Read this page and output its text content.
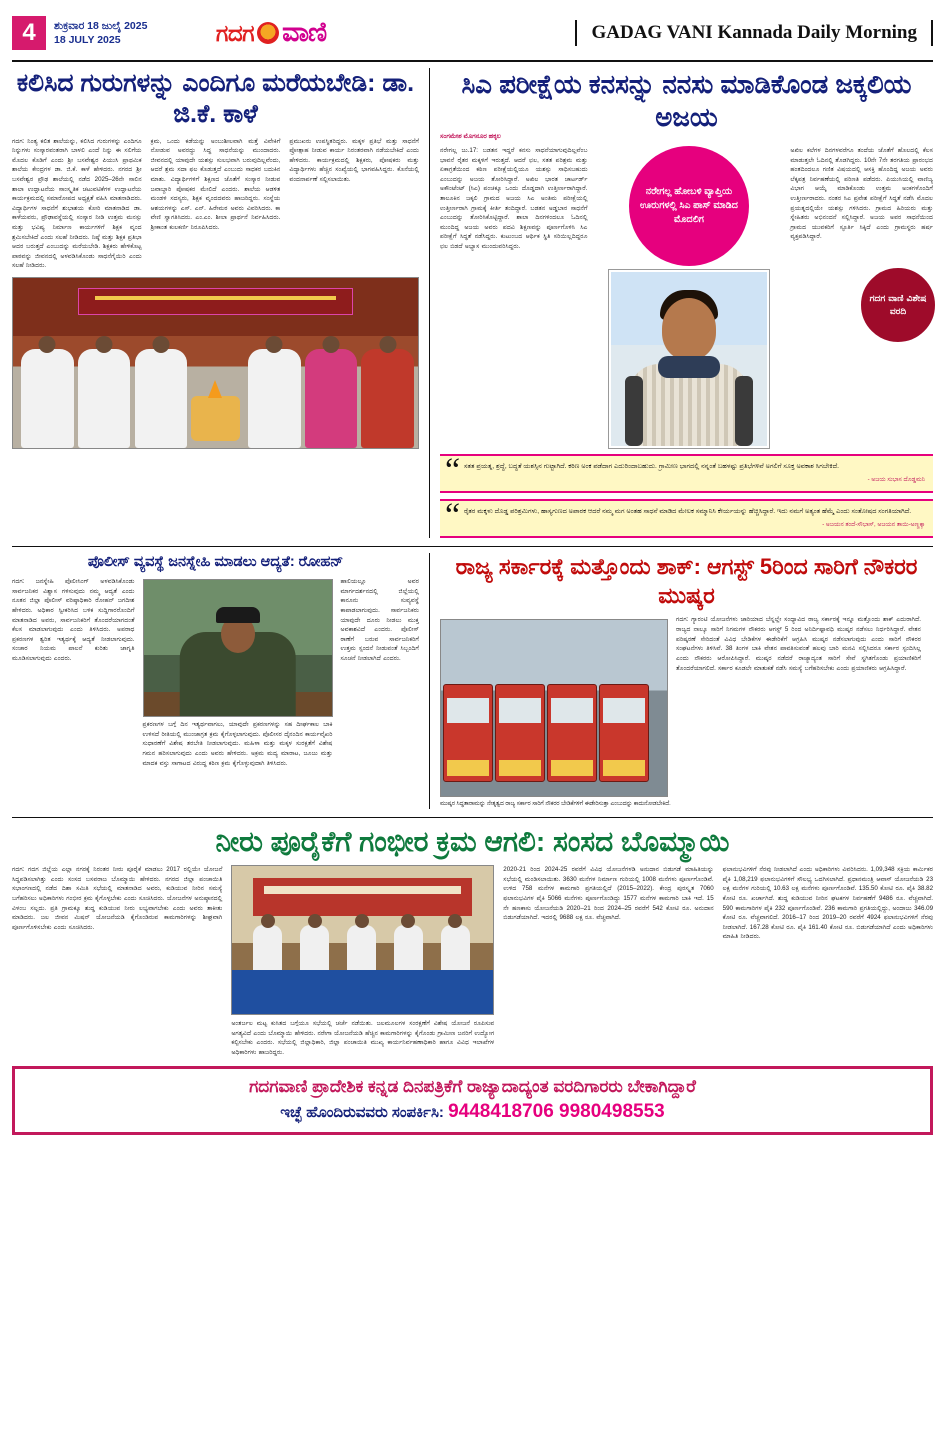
4	ಶುಕ್ರವಾರ 18 ಜುಲೈ 2025
18 JULY 2025	ಗದಗ ವಾಣಿ	GADAG VANI Kannada Daily Morning
ಕಲಿಸಿದ ಗುರುಗಳನ್ನು ಎಂದಿಗೂ ಮರೆಯಬೇಡಿ: ಡಾ. ಜಿ.ಕೆ. ಕಾಳೆ
ಗದಗ: ನಿಂತ್ಯ ಕಲಿತ ಶಾಲೆಯನ್ನು, ಕಲಿಸಿದ ಗುರುಗಳನ್ನು ಎಂದಿಗೂ ನಿನ್ನುಗಳು ಸಂಸ್ಕಾರವಂತರಾಗಿ ಬಾಳಲಿ ಎಂದೆ ನಿನ್ನು ಈ ಸಲಿಗೆಯ ಮೊದಲ ಕೊಡಿಗೆ ಎಂದು ಶ್ರೀ ಬಸವೇಶ್ವರ ಪಿಯುಸಿ ಪ್ರಾಥಮಿಕ ಶಾಲೆಯ ಕೇಂದ್ರಗಳ ಡಾ. ಜಿ.ಕೆ. ಕಾಳೆ ಹೇಳಿದರು. ನಗರದ ಶ್ರೀ ಬಸವೇಶ್ವರ ಪ್ರೌಢ ಶಾಲೆಯಲ್ಲಿ ನಡೆದ 2025–26ನೇ ಸಾಲಿನ ಶಾಲಾ ಉದ್ಘಾಟನೆಯ ಸಾಂಸ್ಕೃತಿಕ ಚಟುವಟಿಕೆಗಳ ಉದ್ಘಾಟನೆಯ ಕಾರ್ಯಕ್ರಮದಲ್ಲಿ ಸಮಾರೋಪದ ಅಧ್ಯಕ್ಷತೆ ವಹಿಸಿ ಮಾತನಾಡಿದರು. ವಿದ್ಯಾರ್ಥಿಗಳ ಸಾಧನೆಗೆ ಶುಭಾಶಯ ಕೋರಿ ಮಾತನಾಡಿದ ಡಾ. ಕಾಳೆಯವರು, ಪ್ರೌಢಾವಸ್ಥೆಯಲ್ಲಿ ಸಂಸ್ಕಾರ ನೀಡಿ ಉತ್ತಮ ಮನಸ್ಸು ಮತ್ತು ಭವಿಷ್ಯ ನಿರ್ಮಾಣ ಕಾರ್ಯಗಳಿಗೆ ಶಿಕ್ಷಕ ವೃಂದ ಶ್ರಮಿಸಬೇಕಿದೆ ಎಂದು ಸಲಹೆ ನೀಡಿದರು. ನಿಷ್ಠೆ ಮತ್ತು ಶಿಕ್ಷಕ ಪ್ರತಿಭಾ ಆದರ ಬರುತ್ತದೆ ಎಂಬುದನ್ನು ಮರೆಯಬೇಡಿ. ಶಿಕ್ಷಕರು ಹೇಳಿಕೊಟ್ಟ ಪಾಠವನ್ನು ಜೀವನದಲ್ಲಿ ಅಳವಡಿಸಿಕೊಂಡು ಸಾಧನೆಗೈಯಿರಿ ಎಂದು ಸಲಹೆ ನೀಡಿದರು.
ಕ್ರಮ, ಒಂದು ಕಡೆಯನ್ನು ಅಂಬುಶೀಲವಾಗಿ ಮತ್ತೆ ವಿವೇಕಿಗೆ ನೋಡುವ ಅವರದ್ದು ಸಿದ್ಧ ಸಾಧನೆಯನ್ನು ಮುಂದಾದರು. ಜೀವನದಲ್ಲಿ ಯಾವುದೇ ಯಶಸ್ಸು ಸುಲಭವಾಗಿ ಬರುವುದಿಲ್ಲವೆಂದು, ಆದರೆ ಶ್ರಮ ಸದಾ ಫಲ ಕೊಡುತ್ತದೆ ಎಂಬುದು ಸಾಧಕರ ಬದುಕಿನ ಮಾತು. ವಿದ್ಯಾರ್ಥಿಗಳಿಗೆ ಶಿಕ್ಷಣದ ಜೊತೆಗೆ ಸಂಸ್ಕಾರ ನೀಡುವ ಜವಾಬ್ದಾರಿ ಪೋಷಕರ ಮೇಲಿದೆ ಎಂದರು. ಶಾಲೆಯ ಆಡಳಿತ ಮಂಡಳಿ ಸದಸ್ಯರು, ಶಿಕ್ಷಕ ವೃಂದದವರು ಹಾಜರಿದ್ದರು. ಸಂಸ್ಥೆಯ ಆಶಯಗಳನ್ನು ಎಸ್. ಎನ್. ಹಿರೇಮಠ ಅವರು ವಿವರಿಸಿದರು. ಕಾ ವೇಣಿ ಸ್ವಾಗತಿಸಿದರು. ಎಂ.ಎಂ. ಶೀಲಾ ಪ್ರಾರ್ಥನೆ ನಿರ್ವಹಿಸಿದರು. ಶ್ರೀಕಾಂತ ಕುಲಕರ್ಣಿ ನಿರೂಪಿಸಿದರು.
ಪ್ರಮುಖರು ಉಪಸ್ಥಿತರಿದ್ದರು. ಮಕ್ಕಳ ಪ್ರತಿಭೆ ಮತ್ತು ಸಾಧನೆಗೆ ಪ್ರೋತ್ಸಾಹ ನೀಡುವ ಕಾರ್ಯ ನಿರಂತರವಾಗಿ ನಡೆಯಬೇಕಿದೆ ಎಂದು ಹೇಳಿದರು. ಕಾರ್ಯಕ್ರಮದಲ್ಲಿ ಶಿಕ್ಷಕರು, ಪೋಷಕರು ಮತ್ತು ವಿದ್ಯಾರ್ಥಿಗಳು ಹೆಚ್ಚಿನ ಸಂಖ್ಯೆಯಲ್ಲಿ ಭಾಗವಹಿಸಿದ್ದರು. ಕೊನೆಯಲ್ಲಿ ವಂದನಾರ್ಪಣೆ ಸಲ್ಲಿಸಲಾಯಿತು.
ಸಿಎ ಪರೀಕ್ಷೆಯ ಕನಸನ್ನು ನನಸು ಮಾಡಿಕೊಂಡ ಜಕ್ಕಲಿಯ ಅಜಯ
ಸಂಗಮೇಶ ಮೊಗನೂರ ಹಕ್ಕಲ
ನರೇಗಲ್ಲ ಜು.17: ಬಡತನ ಇದ್ದರೆ ಕನಸು ಸಾಧನೆಯಾಗುವುದಿಲ್ಲವೆಂಬ ಭಾವನೆ ರೈತರ ಮಕ್ಕಳಿಗೆ ಇರುತ್ತದೆ. ಆದರೆ ಛಲ, ಸತತ ಪರಿಶ್ರಮ ಮತ್ತು ಏಕಾಗ್ರತೆಯಿಂದ ಕಠಿಣ ಪರೀಕ್ಷೆಯಲ್ಲಿಯೂ ಯಶಸ್ಸು ಸಾಧಿಸಬಹುದು ಎಂಬುದನ್ನು ಅಜಯ ತೋರಿಸಿದ್ದಾರೆ. ಅಖಿಲ ಭಾರತ ಚಾರ್ಟರ್ಡ್ ಅಕೌಂಟೆಂಟ್ (ಸಿಎ) ಪಂಚಕ್ಕೂ ಒಂದು ದೊಡ್ಡದಾಗಿ ಉತ್ತೀರ್ಣರಾಗಿದ್ದಾರೆ. ತಾಲೂಕಿನ ಜಕ್ಕಲಿ ಗ್ರಾಮದ ಅಜಯ ಸಿಎ ಅಂತಿಮ ಪರೀಕ್ಷೆಯಲ್ಲಿ ಉತ್ತೀರ್ಣರಾಗಿ ಗ್ರಾಮಕ್ಕೆ ಕೀರ್ತಿ ತಂದಿದ್ದಾರೆ. ಬಡತನ ಅಡ್ಡಬಾರ ಸಾಧನೆಗೆ ಎಂಬುದನ್ನು ತೋರಿಸಿಕೊಟ್ಟಿದ್ದಾರೆ. ಶಾಲಾ ದಿನಗಳಿಂದಲೂ ಓದಿನಲ್ಲಿ ಮುಂದಿದ್ದ ಅಜಯ ಅವರು ಪದವಿ ಶಿಕ್ಷಣವನ್ನು ಪೂರ್ಣಗೊಳಿಸಿ ಸಿಎ ಪರೀಕ್ಷೆಗೆ ಸಿದ್ಧತೆ ನಡೆಸಿದ್ದರು. ಕುಟುಂಬದ ಆರ್ಥಿಕ ಸ್ಥಿತಿ ಸರಿಯಿಲ್ಲದಿದ್ದರೂ ಛಲ ಬಿಡದೆ ಅಭ್ಯಾಸ ಮುಂದುವರಿಸಿದ್ದರು.
ನರೇಗಲ್ಲ ಹೋಬಳಿ ವ್ಯಾಪ್ತಿಯ ಊರುಗಳಲ್ಲಿ ಸಿಎ ಪಾಸ್ ಮಾಡಿದ ಮೊದಲಿಗ
ಗದಗ ವಾಣಿ ವಿಶೇಷ ವರದಿ
ಅಖಿಲ ಕಲೆಗಳ ದಿನಗಳವರೆಗೂ ತಂದೆಯ ಜೊತೆಗೆ ಹೊಲದಲ್ಲಿ ಕೆಲಸ ಮಾಡುತ್ತಲೇ ಓದಿನಲ್ಲಿ ತೊಡಗಿದ್ದರು. 10ನೇ 7ನೇ ತರಗತಿಯ ಪ್ರಾರಂಭದ ಹಂತದಿಂದಲೂ ಗಣಿತ ವಿಷಯದಲ್ಲಿ ಆಸಕ್ತಿ ಹೊಂದಿದ್ದ ಅಜಯ ಅವರು ಲೆಕ್ಕಪತ್ರ ನಿರ್ವಹಣೆಯಲ್ಲಿ ಪರಿಣತಿ ಪಡೆದರು. ಪಿಯುಸಿಯಲ್ಲಿ ವಾಣಿಜ್ಯ ವಿಭಾಗ ಆಯ್ಕೆ ಮಾಡಿಕೊಂಡು ಉತ್ತಮ ಅಂಕಗಳೊಂದಿಗೆ ಉತ್ತೀರ್ಣರಾದರು. ನಂತರ ಸಿಎ ಪ್ರವೇಶ ಪರೀಕ್ಷೆಗೆ ಸಿದ್ಧತೆ ನಡೆಸಿ ಮೊದಲ ಪ್ರಯತ್ನದಲ್ಲಿಯೇ ಯಶಸ್ಸು ಗಳಿಸಿದರು. ಗ್ರಾಮದ ಹಿರಿಯರು ಮತ್ತು ಸ್ನೇಹಿತರು ಅಭಿನಂದನೆ ಸಲ್ಲಿಸಿದ್ದಾರೆ. ಅಜಯ ಅವರ ಸಾಧನೆಯಿಂದ ಗ್ರಾಮದ ಯುವಕರಿಗೆ ಸ್ಫೂರ್ತಿ ಸಿಕ್ಕಿದೆ ಎಂದು ಗ್ರಾಮಸ್ಥರು ಹರ್ಷ ವ್ಯಕ್ತಪಡಿಸಿದ್ದಾರೆ.
“ ಸತತ ಪ್ರಯತ್ನ, ಶ್ರದ್ಧೆ, ಬದ್ಧತೆ ಯಶಸ್ಸಿನ ಗುಟ್ಟಾಗಿದೆ. ಕಠಿಣ ಅಂಕ ಪಡೆದಾಗ ಎದುರಿಂದಾಬಹುದು. ಗ್ರಾಮೀಣ ಭಾಗದಲ್ಲಿ ನನ್ನಂತೆ ಬಹಳಷ್ಟು ಪ್ರತಿಭೆಗಳಿವೆ ಅಗಲಿಗೆ ಸೂಕ್ತ ಅವಕಾಶ ಸಿಗಬೇಕಿದೆ.
- ಅಜಯ ಸುಭಾಸ ದೊಡ್ಡಮನಿ
“ ರೈತರ ಮಕ್ಕಳು ದೊಡ್ಡ ಪರಿಶ್ರಮಿಗಳು, ಹಾಸ್ಯಗುಣದ ಅಪಾರಕ ಆದರೆ ನಮ್ಮ ಮಗ ಅಂತಹ ಸಾಧನೆ ಮಾಡಿದ ಮೇಲಕ ಸಮ್ಮಾನಿಸಿ ಕೇರ್ಯಯನ್ನು ಹೆಚ್ಚಿಸಿದ್ದಾರೆ. ಇದು ನಮಗೆ ಅತ್ಯಂತ ಹೆಮ್ಮೆ ಎಂದು ಸಂತೋಷದ ಸಂಗತಿಯಾಗಿದೆ.
- ಅಜಯನ ತಂದೆ-ಸೌಭಾಸ್, ಅಜಯನ ತಾಯಿ-ಅಣ್ಣಕ್ಕಾ
ಪೊಲೀಸ್ ವ್ಯವಸ್ಥೆ ಜನಸ್ನೇಹಿ ಮಾಡಲು ಆದ್ಯತೆ: ರೋಹನ್
ಗದಗ: ಜನಸ್ನೇಹಿ ಪೊಲೀಸಿಂಗ್ ಅಳವಡಿಸಿಕೊಂಡು ಸಾರ್ವಜನಿಕರ ವಿಶ್ವಾಸ ಗಳಿಸುವುದು ನಮ್ಮ ಆದ್ಯತೆ ಎಂದು ನೂತನ ಜಿಲ್ಲಾ ಪೊಲೀಸ್ ವರಿಷ್ಠಾಧಿಕಾರಿ ರೋಹನ್ ಜಗದೀಶ ಹೇಳಿದರು. ಅಧಿಕಾರ ಸ್ವೀಕರಿಸಿದ ಬಳಿಕ ಸುದ್ದಿಗಾರರೊಂದಿಗೆ ಮಾತನಾಡಿದ ಅವರು, ಸಾರ್ವಜನಿಕರಿಗೆ ತೊಂದರೆಯಾಗದಂತೆ ಕೆಲಸ ಮಾಡಲಾಗುವುದು ಎಂದು ತಿಳಿಸಿದರು. ಅಪರಾಧ ಪ್ರಕರಣಗಳ ತ್ವರಿತ ಇತ್ಯರ್ಥಕ್ಕೆ ಆದ್ಯತೆ ನೀಡಲಾಗುವುದು. ಸಂಚಾರ ನಿಯಮ ಪಾಲನೆ ಕುರಿತು ಜಾಗೃತಿ ಮೂಡಿಸಲಾಗುವುದು ಎಂದರು.
ಪ್ರಕರಣಗಳ ಬಗ್ಗೆ ದಿನ ಇತ್ಯರ್ಥವಾಗಲು, ಯಾವುದೇ ಪ್ರಕರಣಗಳನ್ನು ಸಹ ದೀರ್ಘಕಾಲ ಬಾಕಿ ಉಳಿಸದೆ ರೀತಿಯಲ್ಲಿ ಮುಂಜಾಗ್ರತ ಕ್ರಮ ಕೈಗೊಳ್ಳಲಾಗುವುದು. ಪೊಲೀಸರ ದೈನಂದಿನ ಕಾರ್ಯವೈಖರಿ ಸುಧಾರಣೆಗೆ ವಿಶೇಷ ತರಬೇತಿ ನೀಡಲಾಗುವುದು. ಮಹಿಳಾ ಮತ್ತು ಮಕ್ಕಳ ಸುರಕ್ಷತೆಗೆ ವಿಶೇಷ ಗಮನ ಹರಿಸಲಾಗುವುದು ಎಂದು ಅವರು ಹೇಳಿದರು. ಅಕ್ರಮ ಮದ್ಯ ಮಾರಾಟ, ಜೂಜು ಮತ್ತು ಮಾದಕ ವಸ್ತು ಸಾಗಾಟದ ವಿರುದ್ಧ ಕಠಿಣ ಕ್ರಮ ಕೈಗೊಳ್ಳುವುದಾಗಿ ತಿಳಿಸಿದರು.
ಹಾಲಿಯಲ್ಲೂ ಅವರ ಮಾರ್ಗದರ್ಶನದಲ್ಲಿ ಜಿಲ್ಲೆಯಲ್ಲಿ ಕಾನೂನು ಸುವ್ಯವಸ್ಥೆ ಕಾಪಾಡಲಾಗುವುದು. ಸಾರ್ವಜನಿಕರು ಯಾವುದೇ ದೂರು ನೀಡಲು ಮುಕ್ತ ಅವಕಾಶವಿದೆ ಎಂದರು. ಪೊಲೀಸ್ ಠಾಣೆಗೆ ಬರುವ ಸಾರ್ವಜನಿಕರಿಗೆ ಉತ್ತಮ ಸ್ಪಂದನೆ ನೀಡುವಂತೆ ಸಿಬ್ಬಂದಿಗೆ ಸೂಚನೆ ನೀಡಲಾಗಿದೆ ಎಂದರು.
ರಾಜ್ಯ ಸರ್ಕಾರಕ್ಕೆ ಮತ್ತೊಂದು ಶಾಕ್: ಆಗಸ್ಟ್ 5ರಿಂದ ಸಾರಿಗೆ ನೌಕರರ ಮುಷ್ಕರ
ಗದಗ: ಗ್ಯಾರಂಟಿ ಯೋಜನೆಗಳು ಜಾರಿಯಾದ ಬೆನ್ನಲ್ಲೇ ಸಂಧ್ಯಾವಿದ ರಾಜ್ಯ ಸರ್ಕಾರಕ್ಕೆ ಇನ್ನೂ ಮತ್ತೊಂದು ಶಾಕ್ ಎದುರಾಗಿದೆ. ರಾಜ್ಯದ ನಾಲ್ಕೂ ಸಾರಿಗೆ ನಿಗಮಗಳ ನೌಕರರು ಆಗಸ್ಟ್ 5 ರಿಂದ ಅನಿರ್ದಿಷ್ಟಾವಧಿ ಮುಷ್ಕರ ನಡೆಸಲು ನಿರ್ಧರಿಸಿದ್ದಾರೆ. ವೇತನ ಪರಿಷ್ಕರಣೆ ಸೇರಿದಂತೆ ವಿವಿಧ ಬೇಡಿಕೆಗಳ ಈಡೇರಿಕೆಗೆ ಆಗ್ರಹಿಸಿ ಮುಷ್ಕರ ನಡೆಸಲಾಗುವುದು ಎಂದು ಸಾರಿಗೆ ನೌಕರರ ಸಂಘಟನೆಗಳು ತಿಳಿಸಿವೆ. 38 ತಿಂಗಳ ಬಾಕಿ ವೇತನ ಪಾವತಿಸುವಂತೆ ಹಲವು ಬಾರಿ ಮನವಿ ಸಲ್ಲಿಸಿದರೂ ಸರ್ಕಾರ ಸ್ಪಂದಿಸಿಲ್ಲ ಎಂದು ನೌಕರರು ಆರೋಪಿಸಿದ್ದಾರೆ. ಮುಷ್ಕರ ನಡೆದರೆ ರಾಜ್ಯಾದ್ಯಂತ ಸಾರಿಗೆ ಸೇವೆ ಸ್ಥಗಿತಗೊಂಡು ಪ್ರಯಾಣಿಕರಿಗೆ ತೊಂದರೆಯಾಗಲಿದೆ. ಸರ್ಕಾರ ಕೂಡಲೇ ಮಾತುಕತೆ ನಡೆಸಿ ಸಮಸ್ಯೆ ಬಗೆಹರಿಸಬೇಕು ಎಂದು ಪ್ರಯಾಣಿಕರು ಆಗ್ರಹಿಸಿದ್ದಾರೆ.
ಮುಷ್ಕರ ಸಿದ್ಧತಾರಾಮನ್ನು ನೇತೃತ್ವದ ರಾಜ್ಯ ಸರ್ಕಾರ ಸಾರಿಗೆ ನೌಕರರ ಬೇಡಿಕೆಗಳಿಗೆ ಈಡೇರಿಸುತ್ತಾ ಎಂಬುದನ್ನು ಕಾದುನೋಡಬೇಕಿದೆ.
ನೀರು ಪೂರೈಕೆಗೆ ಗಂಭೀರ ಕ್ರಮ ಆಗಲಿ: ಸಂಸದ ಬೊಮ್ಮಾಯಿ
ಗದಗ: ಗದಗ ಜಿಲ್ಲೆಯ ಎಲ್ಲಾ ನಗರಕ್ಕೆ ನಿರಂತರ ನೀರು ಪೂರೈಕೆ ಮಾಡಲು 2017 ರಲ್ಲಿಯೇ ಯೋಜನೆ ಸಿದ್ಧಪಡಿಸಲಾಗಿತ್ತು ಎಂದು ಸಂಸದ ಬಸವರಾಜ ಬೊಮ್ಮಾಯಿ ಹೇಳಿದರು. ನಗರದ ಜಿಲ್ಲಾ ಪಂಚಾಯಿತಿ ಸಭಾಂಗಣದಲ್ಲಿ ನಡೆದ ದಿಶಾ ಸಮಿತಿ ಸಭೆಯಲ್ಲಿ ಮಾತನಾಡಿದ ಅವರು, ಕುಡಿಯುವ ನೀರಿನ ಸಮಸ್ಯೆ ಬಗೆಹರಿಸಲು ಅಧಿಕಾರಿಗಳು ಗಂಭೀರ ಕ್ರಮ ಕೈಗೊಳ್ಳಬೇಕು ಎಂದು ಸೂಚಿಸಿದರು. ಯೋಜನೆಗಳ ಅನುಷ್ಠಾನದಲ್ಲಿ ವಿಳಂಬ ಸಲ್ಲದು. ಪ್ರತಿ ಗ್ರಾಮಕ್ಕೂ ಶುದ್ಧ ಕುಡಿಯುವ ನೀರು ಲಭ್ಯವಾಗಬೇಕು ಎಂದು ಅವರು ತಾಕೀತು ಮಾಡಿದರು. ಜಲ ಜೀವನ ಮಿಷನ್ ಯೋಜನೆಯಡಿ ಕೈಗೊಂಡಿರುವ ಕಾಮಗಾರಿಗಳನ್ನು ಶೀಘ್ರವಾಗಿ ಪೂರ್ಣಗೊಳಿಸಬೇಕು ಎಂದು ಸೂಚಿಸಿದರು.
ಅಂತರ್ಜಲ ಮಟ್ಟ ಕುಸಿತದ ಬಗ್ಗೆಯೂ ಸಭೆಯಲ್ಲಿ ಚರ್ಚೆ ನಡೆಯಿತು. ಜಲಮೂಲಗಳ ಸಂರಕ್ಷಣೆಗೆ ವಿಶೇಷ ಯೋಜನೆ ರೂಪಿಸುವ ಅಗತ್ಯವಿದೆ ಎಂದು ಬೊಮ್ಮಾಯಿ ಹೇಳಿದರು. ನರೇಗಾ ಯೋಜನೆಯಡಿ ಹೆಚ್ಚಿನ ಕಾಮಗಾರಿಗಳನ್ನು ಕೈಗೊಂಡು ಗ್ರಾಮೀಣ ಜನರಿಗೆ ಉದ್ಯೋಗ ಕಲ್ಪಿಸಬೇಕು ಎಂದರು. ಸಭೆಯಲ್ಲಿ ಜಿಲ್ಲಾಧಿಕಾರಿ, ಜಿಲ್ಲಾ ಪಂಚಾಯಿತಿ ಮುಖ್ಯ ಕಾರ್ಯನಿರ್ವಹಣಾಧಿಕಾರಿ ಹಾಗೂ ವಿವಿಧ ಇಲಾಖೆಗಳ ಅಧಿಕಾರಿಗಳು ಹಾಜರಿದ್ದರು.
2020-21 ರಿಂದ 2024-25 ರವರೆಗೆ ವಿವಿಧ ಯೋಜನೆಗಳಡಿ ಅನುದಾನ ಬಿಡುಗಡೆ ಮಾಹಿತಿಯನ್ನು ಸಭೆಯಲ್ಲಿ ಮಂಡಿಸಲಾಯಿತು. 3630 ಮನೆಗಳ ನಿರ್ಮಾಣ ಗುರಿಯಲ್ಲಿ 1008 ಮನೆಗಳು ಪೂರ್ಣಗೊಂಡಿವೆ. ಉಳಿದ 758 ಮನೆಗಳ ಕಾಮಗಾರಿ ಪ್ರಗತಿಯಲ್ಲಿದೆ (2015–2022). ಕೇಂದ್ರ ಪುರಸ್ಕೃತ 7060 ಫಲಾನುಭವಿಗಳ ಪೈಕಿ 5066 ಮನೆಗಳು ಪೂರ್ಣಗೊಂಡಿದ್ದು 1577 ಮನೆಗಳ ಕಾಮಗಾರಿ ಬಾಕಿ ಇದೆ. 15 ನೇ ಹಣಕಾಸು ಯೋಜನೆಯಡಿ 2020–21 ರಿಂದ 2024–25 ರವರೆಗೆ 542 ಕೋಟಿ ರೂ. ಅನುದಾನ ಬಿಡುಗಡೆಯಾಗಿದೆ. ಇದರಲ್ಲಿ 9688 ಲಕ್ಷ ರೂ. ವೆಚ್ಚವಾಗಿದೆ.
ಫಲಾನುಭವಿಗಳಿಗೆ ನೆರವು ನೀಡಲಾಗಿದೆ ಎಂದು ಅಧಿಕಾರಿಗಳು ವಿವರಿಸಿದರು. 1,09,348 ಸಕ್ರಿಯ ಕಾರ್ಮಿಕರ ಪೈಕಿ 1,08,219 ಫಲಾನುಭವಿಗಳಿಗೆ ಸೌಲಭ್ಯ ಒದಗಿಸಲಾಗಿದೆ. ಪ್ರಧಾನಮಂತ್ರಿ ಆವಾಸ್ ಯೋಜನೆಯಡಿ 23 ಲಕ್ಷ ಮನೆಗಳ ಗುರಿಯಲ್ಲಿ 10.63 ಲಕ್ಷ ಮನೆಗಳು ಪೂರ್ಣಗೊಂಡಿವೆ. 135.50 ಕೋಟಿ ರೂ. ಪೈಕಿ 38.82 ಕೋಟಿ ರೂ. ಖರ್ಚಾಗಿದೆ. ಶುದ್ಧ ಕುಡಿಯುವ ನೀರಿನ ಘಟಕಗಳ ನಿರ್ವಹಣೆಗೆ 9486 ರೂ. ವೆಚ್ಚವಾಗಿದೆ. 590 ಕಾಮಗಾರಿಗಳ ಪೈಕಿ 232 ಪೂರ್ಣಗೊಂಡಿವೆ. 236 ಕಾಮಗಾರಿ ಪ್ರಗತಿಯಲ್ಲಿದ್ದು, ಅಂದಾಜು 346.09 ಕೋಟಿ ರೂ. ವೆಚ್ಚವಾಗಲಿದೆ. 2016–17 ರಿಂದ 2019–20 ರವರೆಗೆ 4924 ಫಲಾನುಭವಿಗಳಿಗೆ ನೆರವು ನೀಡಲಾಗಿದೆ. 167.28 ಕೋಟಿ ರೂ. ಪೈಕಿ 161.40 ಕೋಟಿ ರೂ. ಬಿಡುಗಡೆಯಾಗಿದೆ ಎಂದು ಅಧಿಕಾರಿಗಳು ಮಾಹಿತಿ ನೀಡಿದರು.
ಗದಗವಾಣಿ ಪ್ರಾದೇಶಿಕ ಕನ್ನಡ ದಿನಪತ್ರಿಕೆಗೆ ರಾಜ್ಯಾದಾದ್ಯಂತ ವರದಿಗಾರರು ಬೇಕಾಗಿದ್ದಾರೆ
ಇಚ್ಛೆ ಹೊಂದಿರುವವರು ಸಂಪರ್ಕಿಸಿ: 9448418706 9980498553
